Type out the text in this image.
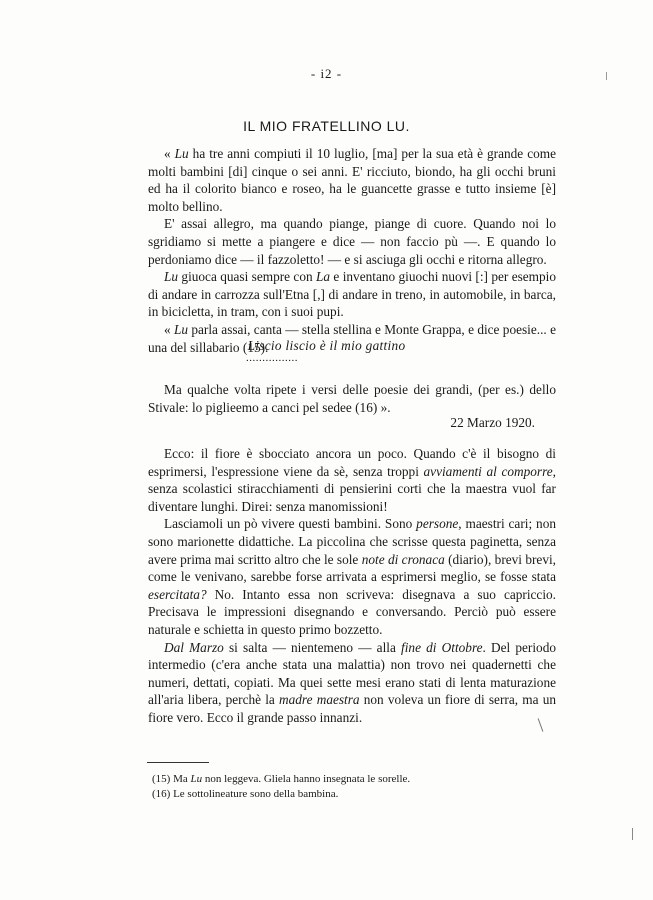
- i2 -
IL MIO FRATELLINO LU.

« Lu ha tre anni compiuti il 10 luglio, [ma] per la sua età è grande come molti bambini [di] cinque o sei anni. E' ricciuto, biondo, ha gli occhi bruni ed ha il colorito bianco e roseo, ha le guancette grasse e tutto insieme [è] molto bellino.

E' assai allegro, ma quando piange, piange di cuore. Quando noi lo sgridiamo si mette a piangere e dice — non faccio pù —. E quando lo perdoniamo dice — il fazzoletto! — e si asciuga gli occhi e ritorna allegro.

Lu giuoca quasi sempre con La e inventano giuochi nuovi [:] per esempio di andare in carrozza sull'Etna [,] di andare in treno, in automobile, in barca, in bicicletta, in tram, con i suoi pupi.

« Lu parla assai, canta — stella stellina e Monte Grappa, e dice poesie... e una del sillabario (15).

Liscio liscio è il mio gattino
................

Ma qualche volta ripete i versi delle poesie dei grandi, (per es.) dello Stivale: lo piglieemo a canci pel sedee (16) ».

22 Marzo 1920.

Ecco: il fiore è sbocciato ancora un poco. Quando c'è il bisogno di esprimersi, l'espressione viene da sè, senza troppi avviamenti al comporre, senza scolastici stiracchiamenti di pensierini corti che la maestra vuol far diventare lunghi. Direi: senza manomissioni!

Lasciamoli un pò vivere questi bambini. Sono persone, maestri cari; non sono marionette didattiche. La piccolina che scrisse questa paginetta, senza avere prima mai scritto altro che le sole note di cronaca (diario), brevi brevi, come le venivano, sarebbe forse arrivata a esprimersi meglio, se fosse stata esercitata? No. Intanto essa non scriveva: disegnava a suo capriccio. Precisava le impressioni disegnando e conversando. Perciò può essere naturale e schietta in questo primo bozzetto.

Dal Marzo si salta — nientemeno — alla fine di Ottobre. Del periodo intermedio (c'era anche stata una malattia) non trovo nei quadernetti che numeri, dettati, copiati. Ma quei sette mesi erano stati di lenta maturazione all'aria libera, perchè la madre maestra non voleva un fiore di serra, ma un fiore vero. Ecco il grande passo innanzi.

(15) Ma Lu non leggeva. Gliela hanno insegnata le sorelle.
(16) Le sottolineature sono della bambina.
